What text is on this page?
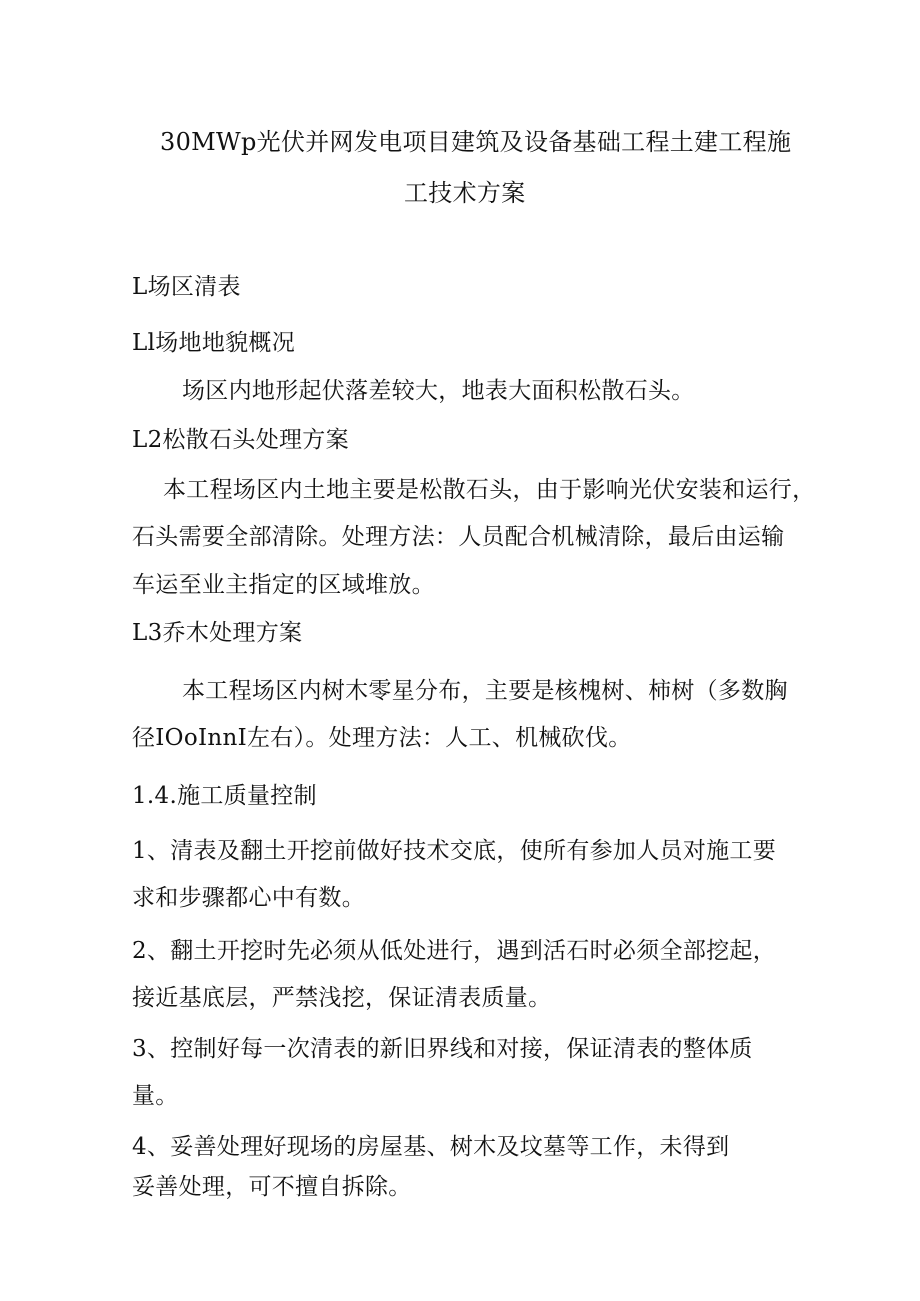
30MWp光伏并网发电项目建筑及设备基础工程土建工程施
工技术方案
L场区清表
Ll场地地貌概况
场区内地形起伏落差较大，地表大面积松散石头。
L2松散石头处理方案
本工程场区内土地主要是松散石头，由于影响光伏安装和运行，
石头需要全部清除。处理方法：人员配合机械清除，最后由运输
车运至业主指定的区域堆放。
L3乔木处理方案
本工程场区内树木零星分布，主要是核槐树、柿树（多数胸
径IOoInnI左右）。处理方法：人工、机械砍伐。
1.4.施工质量控制
1、清表及翻土开挖前做好技术交底，使所有参加人员对施工要
求和步骤都心中有数。
2、翻土开挖时先必须从低处进行，遇到活石时必须全部挖起，
接近基底层，严禁浅挖，保证清表质量。
3、控制好每一次清表的新旧界线和对接，保证清表的整体质
量。
4、妥善处理好现场的房屋基、树木及坟墓等工作，未得到
妥善处理，可不擅自拆除。
